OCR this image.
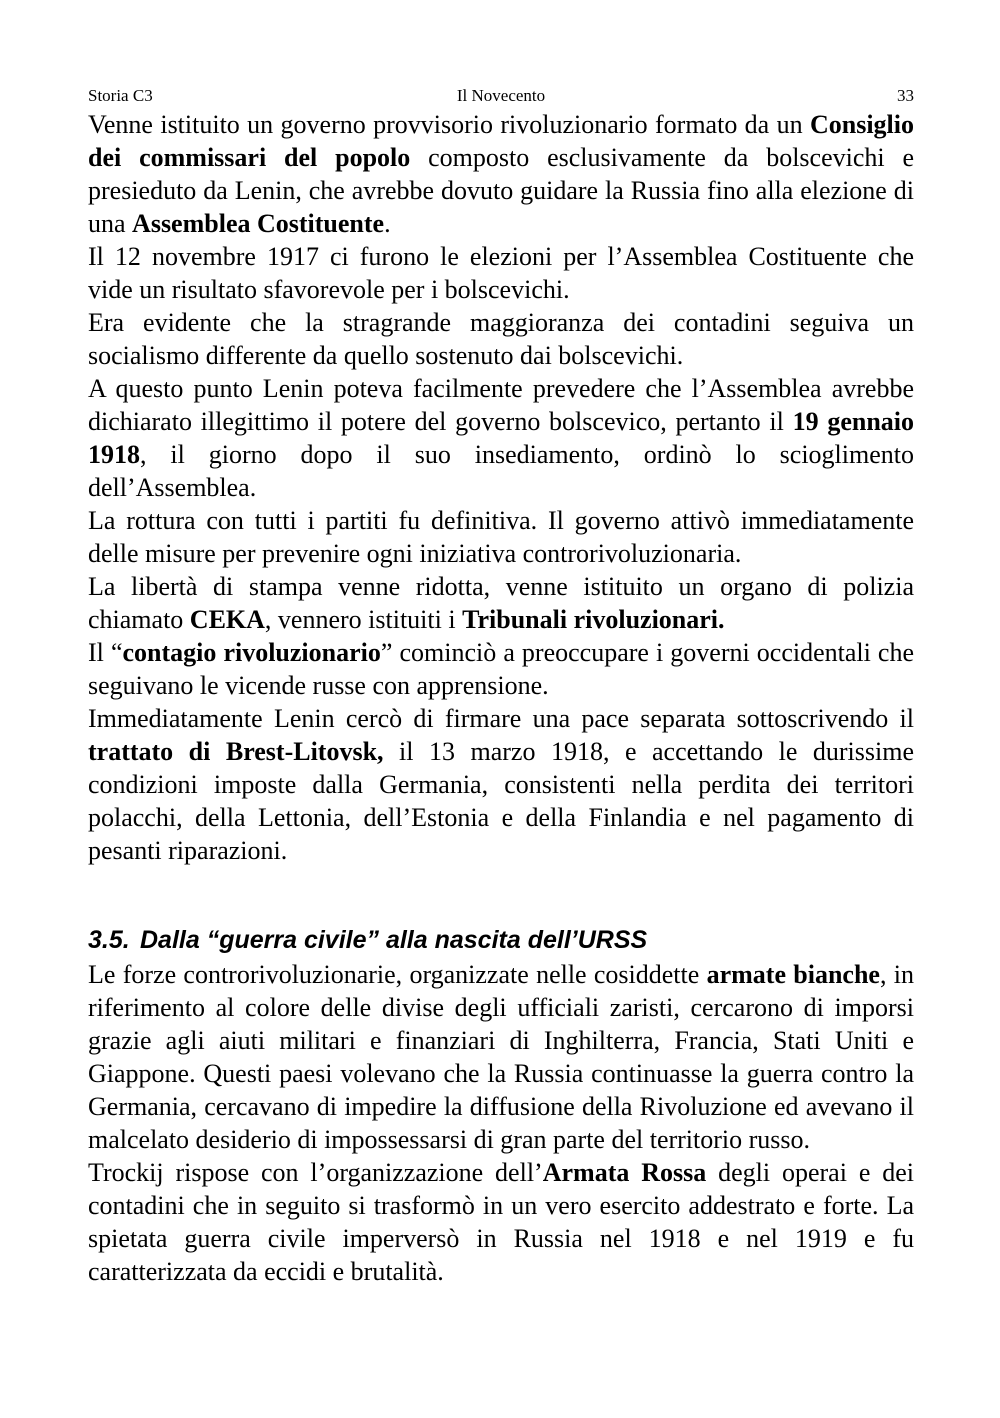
Storia C3	Il Novecento	33

Venne istituito un governo provvisorio rivoluzionario formato da un Consiglio dei commissari del popolo composto esclusivamente da bolscevichi e presieduto da Lenin, che avrebbe dovuto guidare la Russia fino alla elezione di una Assemblea Costituente.

Il 12 novembre 1917 ci furono le elezioni per l’Assemblea Costituente che vide un risultato sfavorevole per i bolscevichi.

Era evidente che la stragrande maggioranza dei contadini seguiva un socialismo differente da quello sostenuto dai bolscevichi.

A questo punto Lenin poteva facilmente prevedere che l’Assemblea avrebbe dichiarato illegittimo il potere del governo bolscevico, pertanto il 19 gennaio 1918, il giorno dopo il suo insediamento, ordinò lo scioglimento dell’Assemblea.

La rottura con tutti i partiti fu definitiva. Il governo attivò immediatamente delle misure per prevenire ogni iniziativa controrivoluzionaria.

La libertà di stampa venne ridotta, venne istituito un organo di polizia chiamato CEKA, vennero istituiti i Tribunali rivoluzionari.

Il “contagio rivoluzionario” cominciò a preoccupare i governi occidentali che seguivano le vicende russe con apprensione.

Immediatamente Lenin cercò di firmare una pace separata sottoscrivendo il trattato di Brest-Litovsk, il 13 marzo 1918, e accettando le durissime condizioni imposte dalla Germania, consistenti nella perdita dei territori polacchi, della Lettonia, dell’Estonia e della Finlandia e nel pagamento di pesanti riparazioni.

3.5. Dalla “guerra civile” alla nascita dell’URSS

Le forze controrivoluzionarie, organizzate nelle cosiddette armate bianche, in riferimento al colore delle divise degli ufficiali zaristi, cercarono di imporsi grazie agli aiuti militari e finanziari di Inghilterra, Francia, Stati Uniti e Giappone. Questi paesi volevano che la Russia continuasse la guerra contro la Germania, cercavano di impedire la diffusione della Rivoluzione ed avevano il malcelato desiderio di impossessarsi di gran parte del territorio russo.

Trockij rispose con l’organizzazione dell’Armata Rossa degli operai e dei contadini che in seguito si trasformò in un vero esercito addestrato e forte. La spietata guerra civile imperversò in Russia nel 1918 e nel 1919 e fu caratterizzata da eccidi e brutalità.
